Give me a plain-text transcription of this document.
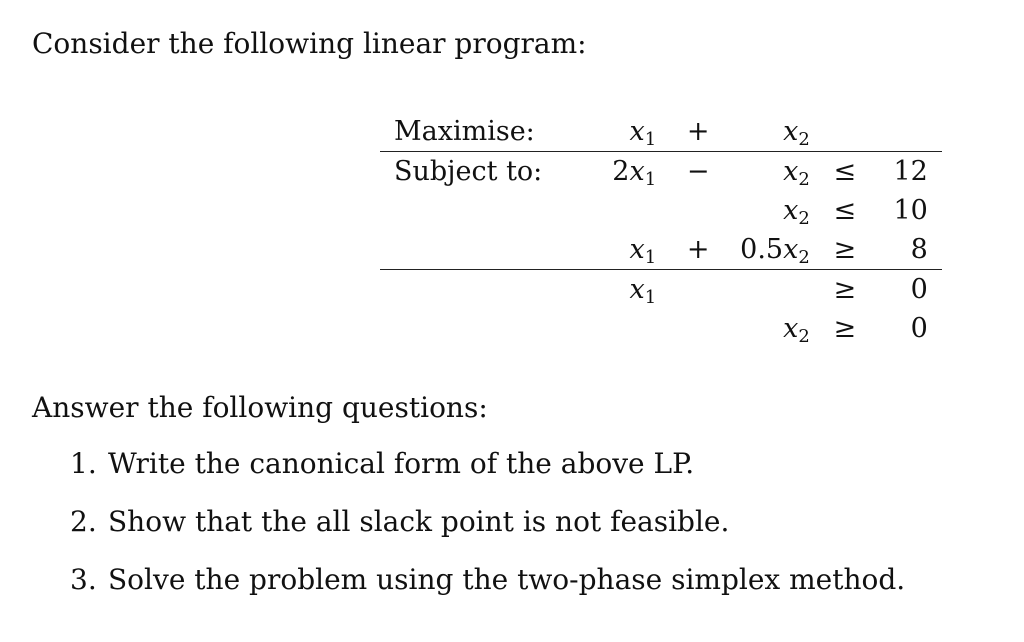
Consider the following linear program:
Maximise:	$x_1$	+	$x_2$		
Subject to:	$2x_1$	−	$x_2$	≤	12
			$x_2$	≤	10
	$x_1$	+	$0.5x_2$	≥	8
	$x_1$			≥	0
			$x_2$	≥	0
Answer the following questions:
1. Write the canonical form of the above LP.
2. Show that the all slack point is not feasible.
3. Solve the problem using the two-phase simplex method.
